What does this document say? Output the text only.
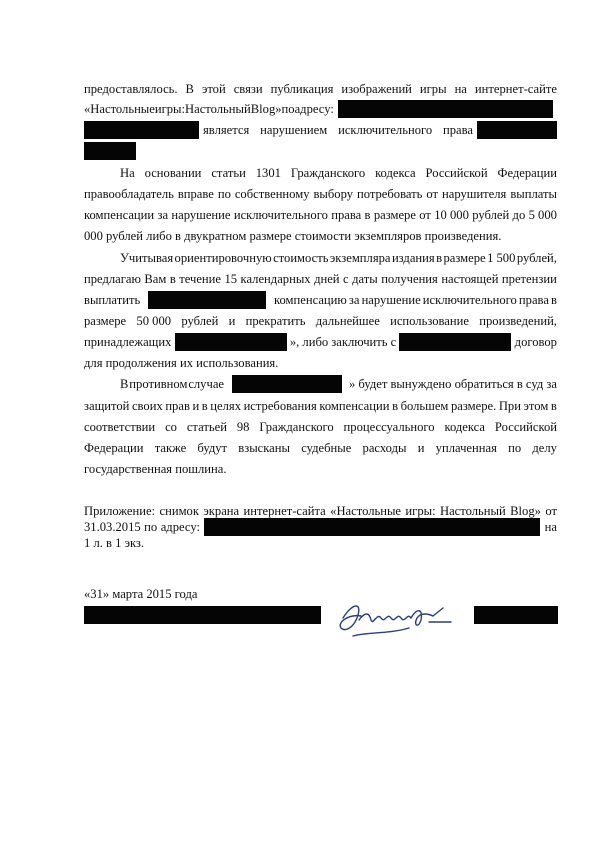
предоставлялось. В этой связи публикация изображений игры на интернет-сайте
«Настольныеигры:НастольныйBlog»поадресу:
является нарушением исключительного права
На основании статьи 1301 Гражданского кодекса Российской Федерации
правообладатель вправе по собственному выбору потребовать от нарушителя выплаты
компенсации за нарушение исключительного права в размере от 10 000 рублей до 5 000
000 рублей либо в двукратном размере стоимости экземпляров произведения.
Учитывая ориентировочную стоимость экземпляра издания в размере 1 500 рублей,
предлагаю Вам в течение 15 календарных дней с даты получения настоящей претензии
выплатить	компенсацию за нарушение исключительного права в
размере 50 000 рублей и прекратить дальнейшее использование произведений,
принадлежащих	», либо заключить с	договор
для продолжения их использования.
В противном случае	» будет вынуждено обратиться в суд за
защитой своих прав и в целях истребования компенсации в большем размере. При этом в
соответствии со статьей 98 Гражданского процессуального кодекса Российской
Федерации также будут взысканы судебные расходы и уплаченная по делу
государственная пошлина.
Приложение: снимок экрана интернет-сайта «Настольные игры: Настольный Blog» от
31.03.2015 по адресу:	на
1 л. в 1 экз.
«31» марта 2015 года
